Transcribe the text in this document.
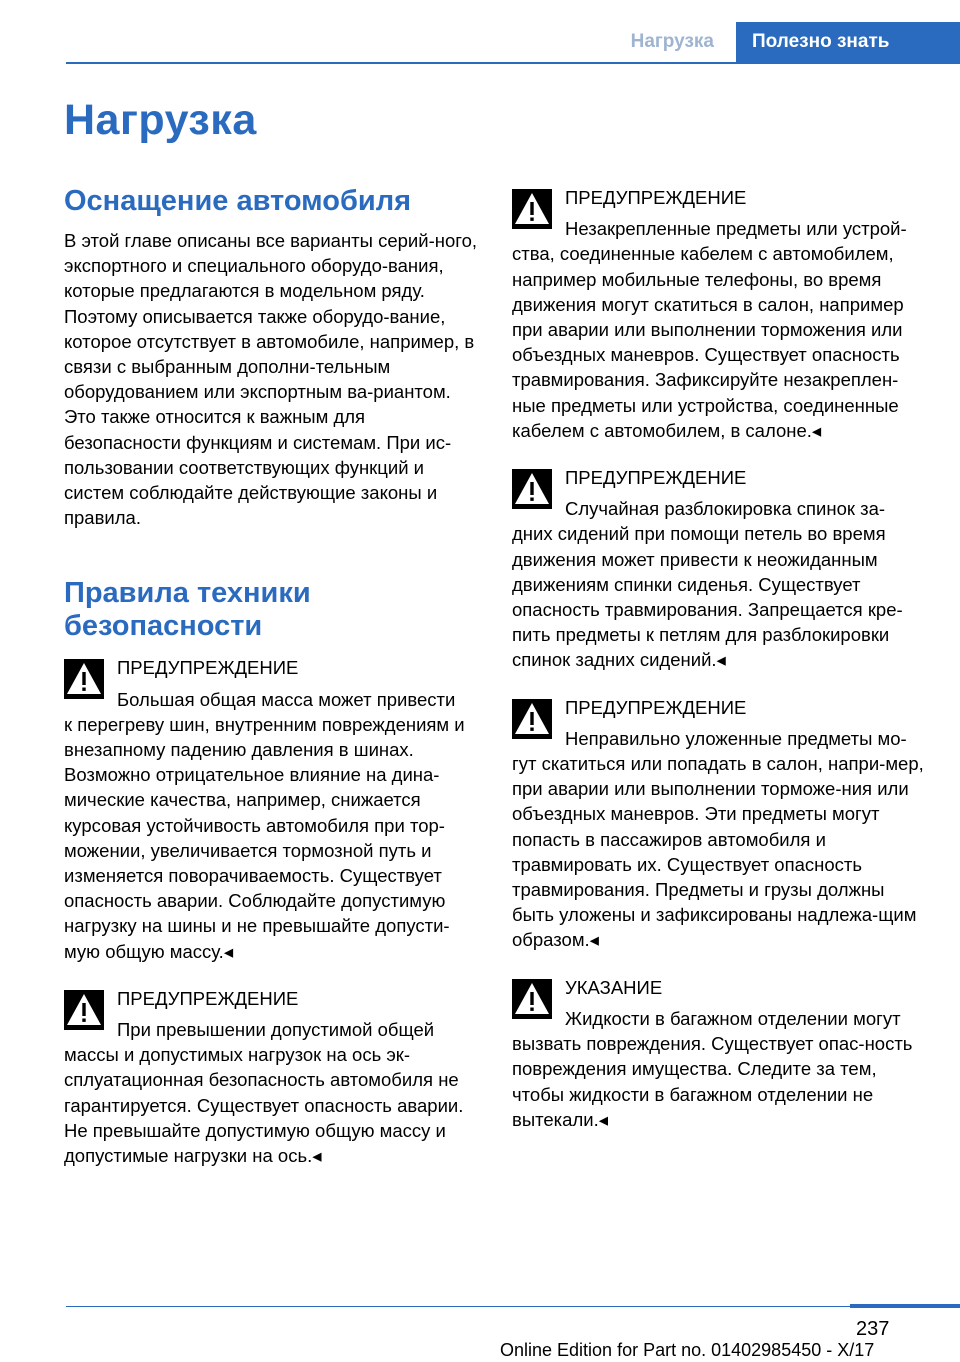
Нагрузка	Полезно знать
Нагрузка
Оснащение автомобиля

В этой главе описаны все варианты серий-ного, экспортного и специального оборудо-вания, которые предлагаются в модельном ряду. Поэтому описывается также оборудо-вание, которое отсутствует в автомобиле, например, в связи с выбранным дополни-тельным оборудованием или экспортным ва-риантом. Это также относится к важным для безопасности функциям и системам. При ис-пользовании соответствующих функций и систем соблюдайте действующие законы и правила.

Правила техники безопасности
ПРЕДУПРЕЖДЕНИЕ
Большая общая масса может привести

к перегреву шин, внутренним повреждениям и внезапному падению давления в шинах. Возможно отрицательное влияние на дина-мические качества, например, снижается курсовая устойчивость автомобиля при тор-можении, увеличивается тормозной путь и изменяется поворачиваемость. Существует опасность аварии. Соблюдайте допустимую нагрузку на шины и не превышайте допусти-мую общую массу.◂

ПРЕДУПРЕЖДЕНИЕ
При превышении допустимой общей

массы и допустимых нагрузок на ось эк-сплуатационная безопасность автомобиля не гарантируется. Существует опасность аварии. Не превышайте допустимую общую массу и допустимые нагрузки на ось.◂

ПРЕДУПРЕЖДЕНИЕ
Незакрепленные предметы или устрой-

ства, соединенные кабелем с автомобилем, например мобильные телефоны, во время движения могут скатиться в салон, например при аварии или выполнении торможения или объездных маневров. Существует опасность травмирования. Зафиксируйте незакреплен-ные предметы или устройства, соединенные кабелем с автомобилем, в салоне.◂

ПРЕДУПРЕЖДЕНИЕ
Случайная разблокировка спинок за-

дних сидений при помощи петель во время движения может привести к неожиданным движениям спинки сиденья. Существует опасность травмирования. Запрещается кре-пить предметы к петлям для разблокировки спинок задних сидений.◂

ПРЕДУПРЕЖДЕНИЕ
Неправильно уложенные предметы мо-

гут скатиться или попадать в салон, напри-мер, при аварии или выполнении торможе-ния или объездных маневров. Эти предметы могут попасть в пассажиров автомобиля и травмировать их. Существует опасность травмирования. Предметы и грузы должны быть уложены и зафиксированы надлежа-щим образом.◂

УКАЗАНИЕ
Жидкости в багажном отделении могут

вызвать повреждения. Существует опас-ность повреждения имущества. Следите за тем, чтобы жидкости в багажном отделении не вытекали.◂

237
Online Edition for Part no. 01402985450 - X/17
